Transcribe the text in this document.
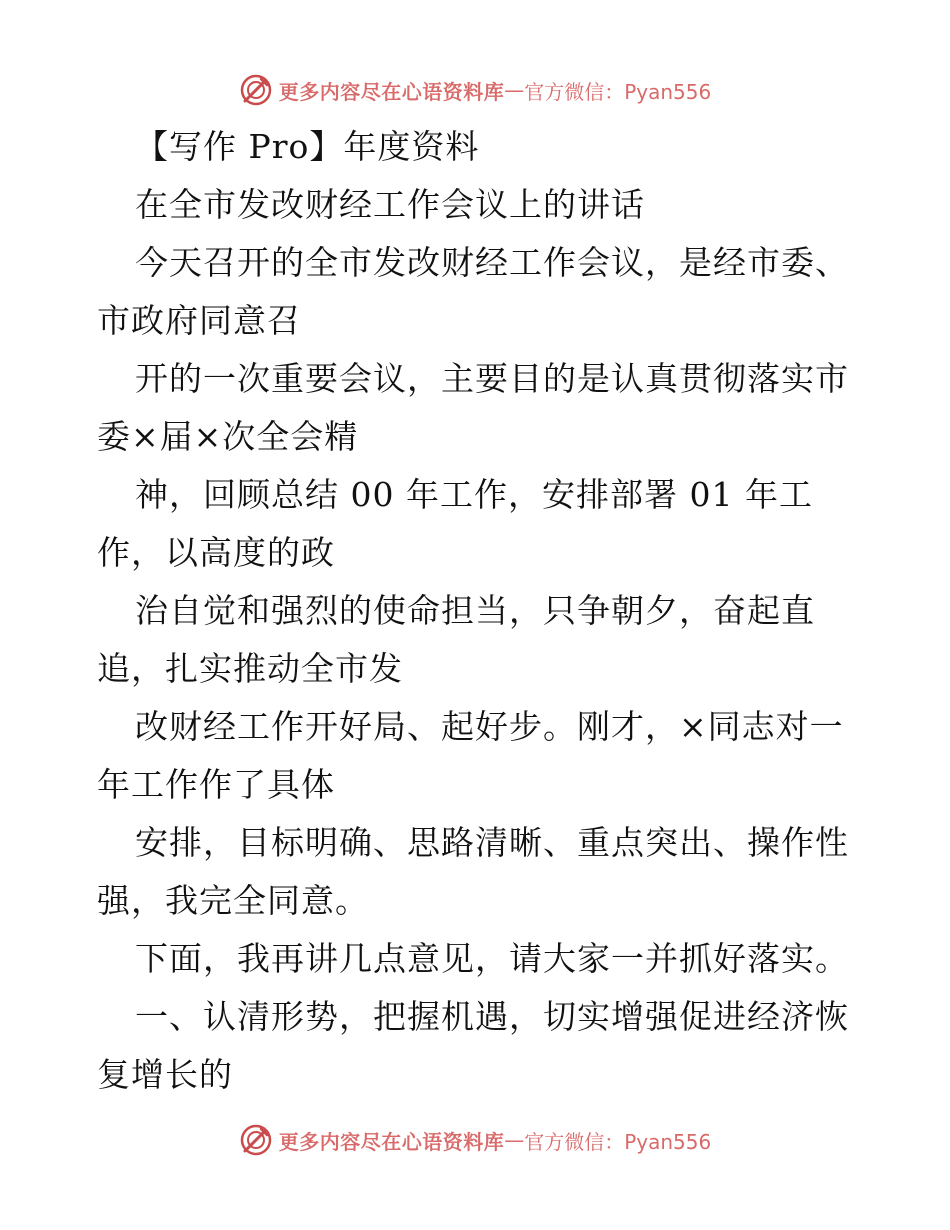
更多内容尽在心语资料库 — 官方微信：Pyan556
【写作 Pro】年度资料
在全市发改财经工作会议上的讲话
今天召开的全市发改财经工作会议，是经市委、
市政府同意召
开的一次重要会议，主要目的是认真贯彻落实市
委×届×次全会精
神，回顾总结 00 年工作，安排部署 01 年工
作，以高度的政
治自觉和强烈的使命担当，只争朝夕，奋起直
追，扎实推动全市发
改财经工作开好局、起好步。刚才，×同志对一
年工作作了具体
安排，目标明确、思路清晰、重点突出、操作性
强，我完全同意。
下面，我再讲几点意见，请大家一并抓好落实。
一、认清形势，把握机遇，切实增强促进经济恢
复增长的
更多内容尽在心语资料库 — 官方微信：Pyan556
